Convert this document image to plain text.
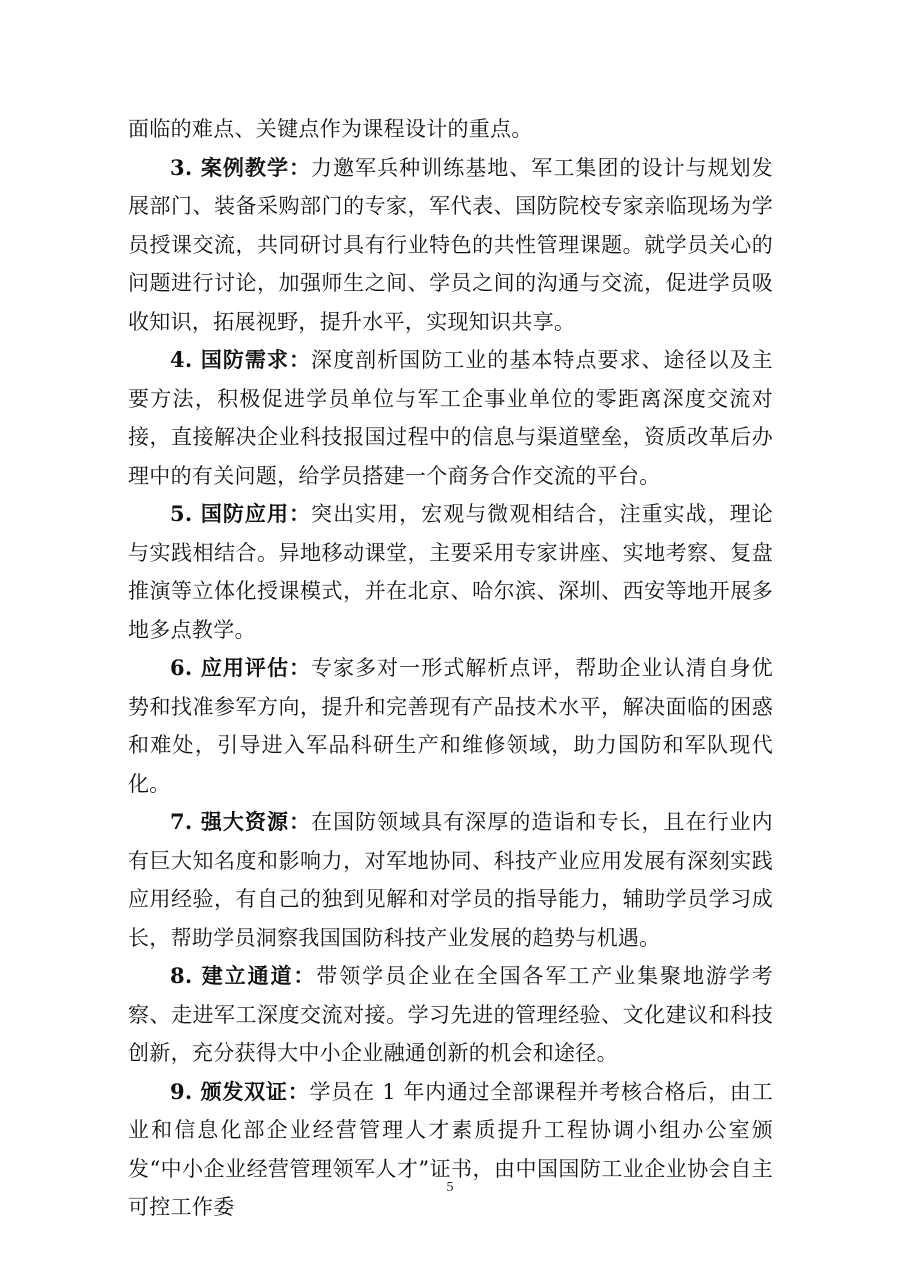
面临的难点、关键点作为课程设计的重点。

3. 案例教学：力邀军兵种训练基地、军工集团的设计与规划发展部门、装备采购部门的专家，军代表、国防院校专家亲临现场为学员授课交流，共同研讨具有行业特色的共性管理课题。就学员关心的问题进行讨论，加强师生之间、学员之间的沟通与交流，促进学员吸收知识，拓展视野，提升水平，实现知识共享。

4. 国防需求：深度剖析国防工业的基本特点要求、途径以及主要方法，积极促进学员单位与军工企事业单位的零距离深度交流对接，直接解决企业科技报国过程中的信息与渠道壁垒，资质改革后办理中的有关问题，给学员搭建一个商务合作交流的平台。

5. 国防应用：突出实用，宏观与微观相结合，注重实战，理论与实践相结合。异地移动课堂，主要采用专家讲座、实地考察、复盘推演等立体化授课模式，并在北京、哈尔滨、深圳、西安等地开展多地多点教学。

6. 应用评估：专家多对一形式解析点评，帮助企业认清自身优势和找准参军方向，提升和完善现有产品技术水平，解决面临的困惑和难处，引导进入军品科研生产和维修领域，助力国防和军队现代化。

7. 强大资源：在国防领域具有深厚的造诣和专长，且在行业内有巨大知名度和影响力，对军地协同、科技产业应用发展有深刻实践应用经验，有自己的独到见解和对学员的指导能力，辅助学员学习成长，帮助学员洞察我国国防科技产业发展的趋势与机遇。

8. 建立通道：带领学员企业在全国各军工产业集聚地游学考察、走进军工深度交流对接。学习先进的管理经验、文化建议和科技创新，充分获得大中小企业融通创新的机会和途径。

9. 颁发双证：学员在 1 年内通过全部课程并考核合格后，由工业和信息化部企业经营管理人才素质提升工程协调小组办公室颁发“中小企业经营管理领军人才”证书，由中国国防工业企业协会自主可控工作委

5
